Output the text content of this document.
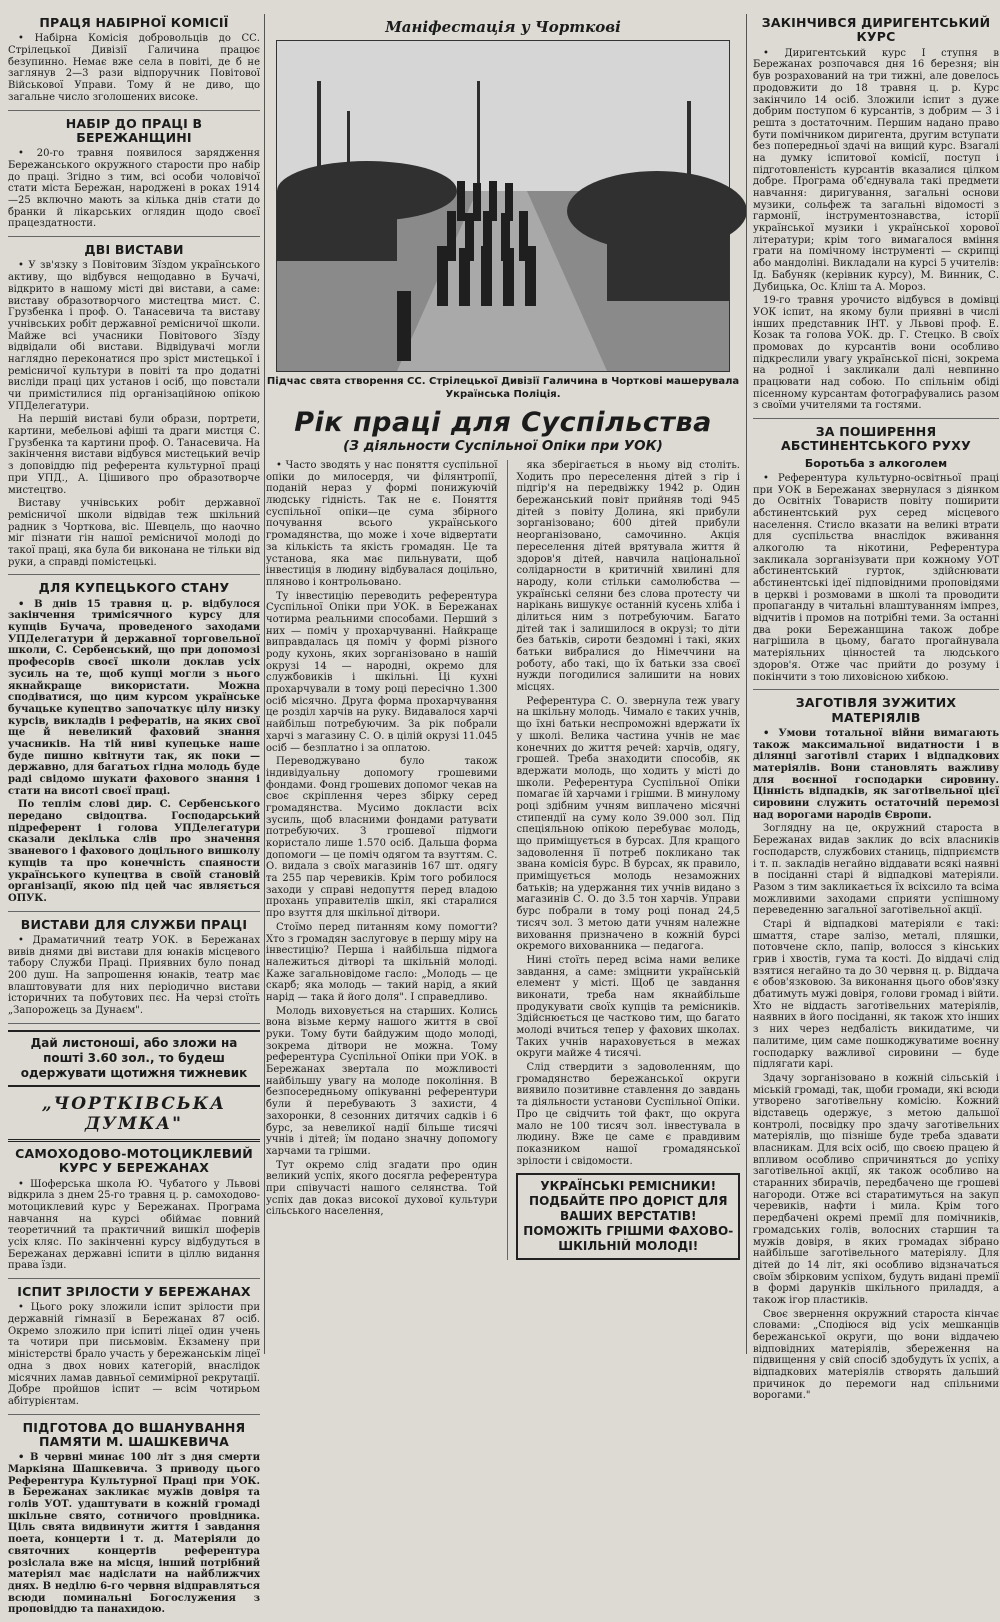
ПРАЦЯ НАБІРНОЇ КОМІСІЇ

• Набірна Комісія добровольців до СС. Стрілецької Дивізії Галичина працює безупинно. Немає вже села в повіті, де б не заглянув 2—3 рази відпоручник Повітової Військової Управи. Тому й не диво, що загальне число зголошених високе.

НАБІР ДО ПРАЦІ В БЕРЕЖАНЩИНІ

• 20-го травня появилося зарядження Бережанського окружного старости про набір до праці. Згідно з тим, всі особи чоловічої стати міста Бережан, народжені в роках 1914—25 включно мають за кілька днів стати до бранки й лікарських оглядин щодо своєї працездатности.

ДВІ ВИСТАВИ

• У зв'язку з Повітовим Зїздом українського активу, що відбувся нещодавно в Бучачі, відкрито в нашому місті дві вистави, а саме: виставу образотворчого мистецтва мист. С. Грузбенка і проф. О. Танасевича та виставу учнівських робіт державної ремісничої школи. Майже всі учасники Повітового Зїзду відвідали обі вистави. Відвідувачі могли наглядно переконатися про зріст мистецької і ремісничої культури в повіті та про додатні висліди праці цих установ і осіб, що повстали чи примістилися під організаційною опікою УПДелегатури.

На першій виставі були образи, портрети, картини, мебельові афіші та драги мистця С. Грузбенка та картини проф. О. Танасевича. На закінчення вистави відбувся мистецький вечір з доповіддю під референта культурної праці при УПД., А. Цішивого про образотворче мистецтво.

Виставу учнівських робіт державної ремісничої школи відвідав теж шкільний радник з Чорткова, віс. Шевцель, що наочно міг пізнати гін нашої ремісничої молоді до такої праці, яка була би виконана не тільки від руки, а справді помістецькі.

ДЛЯ КУПЕЦЬКОГО СТАНУ

• В днів 15 травня ц. р. відбулося закінчення тримісячного курсу для купців Бучача, проведеного заходами УПДелегатури й державної торговельної школи, С. Сербенський, що при допомозі професорів своєї школи доклав усіх зусиль на те, щоб купці могли з нього якнайкраще використати. Можна сподіватися, що цим курсом українське бучацьке купецтво започаткує цілу низку курсів, викладів і рефератів, на яких свої ще й невеликий фаховий знання учасників. На тій ниві купецьке наше буде пишно квітнути так, як поки — державно, для багатьох гідна молодь буде раді свідомо шукати фахового знання і стати на висоті своєї праці.

По теплім слові дир. С. Сербенського передано свідоцтва. Господарський підреферент і голова УПДелегатури сказали декілька слів про значення званевого і фахового доцільного вишколу купців та про конечність спаяности українського купецтва в своїй становій організації, якою під цей час являється ОПУК.

ВИСТАВИ ДЛЯ СЛУЖБИ ПРАЦІ

• Драматичний театр УОК. в Бережанах вивів днями дві вистави для юнаків місцевого табору Служби Праці. Приявних було понад 200 душ. На запрошення юнаків, театр має влаштовувати для них періодично вистави історичних та побутових пєс. На черзі стоїть „Запорожець за Дунаєм".

Дай листоноші, або зложи на пошті 3.60 зол., то будеш одержувати щотижня тижневик
„ЧОРТКІВСЬКА ДУМКА"
САМОХОДОВО-МОТОЦИКЛЕВИЙ КУРС У БЕРЕЖАНАХ

• Шоферська школа Ю. Чубатого у Львові відкрила з днем 25-го травня ц. р. самоходово-мотоциклевий курс у Бережанах. Програма навчання на курсі обіймає повний теоретичний та практичний вишкіл шоферів усіх кляс. По закінченні курсу відбудуться в Бережанах державні іспити в ціллю видання права їзди.

ІСПИТ ЗРІЛОСТИ У БЕРЕЖАНАХ

• Цього року зложили іспит зрілости при державній гімназії в Бережанах 87 осіб. Окремо зложило при іспиті ліцеї один учень та чотири при письмовім. Екзамену при міністерстві брало участь у бережанськім ліцеї одна з двох нових категорій, внаслідок місячних ламав давньої семимірної рекрутації. Добре пройшов іспит — всім чотирьом абітурієнтам.

ПІДГОТОВА ДО ВШАНУВАННЯ ПАМЯТИ М. ШАШКЕВИЧА

• В червні минає 100 літ з дня смерти Маркіяна Шашкевича. З приводу цього Референтура Культурної Праці при УОК. в Бережанах закликає мужів довіря та голів УОТ. удаштувати в кожній громаді шкільне свято, сотничого провідника. Ціль свята видвинути життя і завдання поета, концерти і т. д. Матеріяли до святочних концертів референтура розіслала вже на місця, інший потрібний матеріял має надіслати на найближчих днях. В неділю 6-го червня відправляться всюди поминальні Богослужения з проповіддю та панахидою.

Маніфестація у Чорткові
Підчас свята створення СС. Стрілецької Дивізії Галичина в Чорткові машерувала Українська Поліція.
Рік праці для Суспільства
(З діяльности Суспільної Опіки при УОК)

• Часто зводять у нас поняття суспільної опіки до милосердя, чи філянтропії, поданій нераз у формі понижуючій людську гідність. Так не є. Поняття суспільної опіки—це сума збірного почування всього українського громадянства, що може і хоче відвертати за кількість та якість громадян. Це та установа, яка має пильнувати, щоб інвестиція в людину відбувалася доцільно, пляново і контрольовано.

Ту інвестицію переводить референтура Суспільної Опіки при УОК. в Бережанах чотирма реальними способами. Перший з них — поміч у прохарчуванні. Найкраще виправдалась ця поміч у формі різного роду кухонь, яких зорганізовано в нашій окрузі 14 — народні, окремо для службовиків і шкільні. Ці кухні прохарчували в тому році пересічно 1.300 осіб місячно. Друга форма прохарчування це розділ харчів на руку. Видавалося харчі найбільш потребуючим. За рік побрали харчі з магазину С. О. в цілій окрузі 11.045 осіб — безплатно і за оплатою.

Переводжувано було також індивідуальну допомогу грошевими фондами. Фонд грошевих допомог чекав на своє скріплення через збірку серед громадянства. Мусимо докласти всіх зусиль, щоб власними фондами ратувати потребуючих. З грошевої підмоги користало лише 1.570 осіб. Дальша форма допомоги — це поміч одягом та взуттям. С. О. видала з своїх магазинів 167 шт. одягу та 255 пар черевиків. Крім того робилося заходи у справі недопуття перед владою прохань управителів шкіл, які старалися про взуття для шкільної дітвори.

Стоїмо перед питанням кому помогти? Хто з громадян заслуговує в першу міру на інвестицію? Перша і найбільша підмога належиться дітворі та шкільній молоді. Каже загальновідоме гасло: „Молодь — це скарб; яка молодь — такий нарід, а який нарід — така й його доля". І справедливо.

Молодь виховується на старших. Колись вона візьме керму нашого життя в свої руки. Тому бути байдужим щодо молоді, зокрема дітвори не можна. Тому референтура Суспільної Опіки при УОК. в Бережанах звертала по можливості найбільшу увагу на молоде покоління. В безпосередньому опікуванні референтури були й перебувають 3 захисти, 4 захоронки, 8 сезонних дитячих садків і 6 бурс, за невеликої надії більше тисячі учнів і дітей; їм подано значну допомогу харчами та грішми.

Тут окремо слід згадати про один великий успіх, якого досягла референтура при співучасті нашого селянства. Той успіх дав доказ високої духової культури сільського населення,

яка зберігається в ньому від століть. Ходить про переселення дітей з гір і підгір'я на передвіжку 1942 р. Один бережанський повіт прийняв тоді 945 дітей з повіту Долина, які прибули зорганізовано; 600 дітей прибули неорганізовано, самочинно. Акція переселення дітей врятувала життя й здоров'я дітей, навчила національної солідарности в критичній хвилині для народу, коли стільки самолюбства — українські селяни без слова протесту чи нарікань вишукує останній кусень хліба і ділиться ним з потребуючим. Багато дітей так і залишилося в окрузі; то діти без батьків, сироти бездомні і такі, яких батьки вибралися до Німеччини на роботу, або такі, що їх батьки зза своєї нужди погодилися залишити на нових місцях.

Референтура С. О. звернула теж увагу на шкільну молодь. Чимало є таких учнів, що їхні батьки неспроможні вдержати їх у школі. Велика частина учнів не має конечних до життя речей: харчів, одягу, грошей. Треба знаходити способів, як вдержати молодь, що ходить у місті до школи. Референтура Суспільної Опіки помагає їй харчами і грішми. В минулому році здібним учням виплачено місячні стипендії на суму коло 39.000 зол. Під спеціяльною опікою перебуває молодь, що приміщується в бурсах. Для кращого задоволення її потреб покликано так звана комісія бурс. В бурсах, як правило, приміщується молодь незаможних батьків; на удержання тих учнів видано з магазинів С. О. до 3.5 тон харчів. Управи бурс побрали в тому році понад 24,5 тисяч зол. З метою дати учням належне виховання призначено в кожній бурсі окремого вихованника — педагога.

Нині стоїть перед всіма нами велике завдання, а саме: зміцнити українській елемент у місті. Щоб це завдання виконати, треба нам якнайбільше продукувати своїх купців та ремісників. Здійснюється це частково тим, що багато молоді вчиться тепер у фахових школах. Таких учнів нараховується в межах округи майже 4 тисячі.

Слід ствердити з задоволенням, що громадянство бережанської округи виявило позитивне ставлення до завдань та діяльности установи Суспільної Опіки. Про це свідчить той факт, що округа мало не 100 тисяч зол. інвестувала в людину. Вже це саме є правдивим показником нашої громадянської зрілости і свідомости.

УКРАЇНСЬКІ РЕМІСНИКИ! ПОДБАЙТЕ ПРО ДОРІСТ ДЛЯ ВАШИХ ВЕРСТАТІВ! ПОМОЖІТЬ ГРІШМИ ФАХОВО-ШКІЛЬНІЙ МОЛОДІ!
ЗАКІНЧИВСЯ ДИРИГЕНТСЬКИЙ КУРС

• Диригентський курс І ступня в Бережанах розпочався дня 16 березня; він був розрахований на три тижні, але довелось продовжити до 18 травня ц. р. Курс закінчило 14 осіб. Зложили іспит з дуже добрим поступом 6 курсантів, з добрим — 3 і решта з достаточним. Першим надано право бути помічником диригента, другим вступати без попередньої здачі на вищий курс. Взагалі на думку іспитової комісії, поступ і підготовленість курсантів вказалися цілком добре. Програма об'єднувала такі предмети навчання: диригування, загальні основи музики, сольфеж та загальні відомості з гармонії, інструментознавства, історії української музики і української хорової літератури; крім того вимагалося вміння грати на помічному інструменті — скрипці або мандоліні. Викладали на курсі 5 учителів: Ід. Бабуняк (керівник курсу), М. Винник, С. Дубицька, Ос. Кліш та А. Мороз.

19-го травня урочисто відбувся в домівці УОК іспит, на якому були приявні в числі інших представник ІНТ. у Львові проф. Е. Козак та голова УОК. др. Г. Стецко. В своїх промовах до курсантів вони особливо підкреслили увагу української пісні, зокрема на родної і закликали далі невпинно працювати над собою. По спільнім обіді пісенному курсантам фотографувались разом з своїми учителями та гостями.

ЗА ПОШИРЕННЯ АБСТИНЕНТСЬКОГО РУХУ
Боротьба з алкоголем

• Референтура культурно-освітньої праці при УОК в Бережанах звернулася з діянком до Освітніх Товариств повіту поширити абстинентський рух серед місцевого населення. Стисло вказати на великі втрати для суспільства внаслідок вживання алкоголю та нікотини, Референтура закликала зорганізувати при кожному УОТ абстинентський гурток, здійснювати абстинентські ідеї підповідними проповідями в церкві і розмовами в школі та проводити пропаганду в читальні влаштуванням імпрез, відчитів і промов на потрібні теми. За останні два роки Бережанщина також добре нагрішила в цьому, багато прогайнувала матеріяльних цінностей та людського здоров'я. Отже час прийти до розуму і покінчити з тою лиховісною хибкою.

ЗАГОТІВЛЯ ЗУЖИТИХ МАТЕРІЯЛІВ

• Умови тотальної війни вимагають також максимальної видатности і в ділянці заготівлі старих і відпадкових матеріялів. Вони становлять важливу для воєнної господарки сировину. Цінність відпадків, як заготівельної цієї сировини служить остаточній перемозі над ворогами народів Європи.

Зоглядну на це, окружний староста в Бережанах видав заклик до всіх власників господарств, службових станиць, підприємств і т. п. закладів негайно віддавати всякі наявні в посіданні старі й відпадкові матеріяли. Разом з тим закликається їх всіхсило та всіма можливими заходами сприяти успішному переведенню загальної заготівельної акції.

Старі й відпадкові матеріяли є такі: шмаття, старе залізо, металі, пляшки, потовчене скло, папір, волосся з кінських грив і хвостів, гума та кості. До віддачі слід взятися негайно та до 30 червня ц. р. Віддача є обов'язковою. За виконання цього обов'язку дбатимуть мужі довіря, голови громад і війти. Хто не віддасть заготівельних матеріялів, наявних в його посіданні, як також хто інших з них через недбалість викидатиме, чи палитиме, цим саме пошкоджуватиме воєнну господарку важливої сировини — буде підлягати карі.

Здачу зорганізовано в кожній сільській і міській громаді, так, щоби громади, які всюди утворено заготівельну комісію. Кожний відставець одержує, з метою дальшої контролі, посвідку про здачу заготівельних матеріялів, що пізніше буде треба здавати власникам. Для всіх осіб, що своєю працею й впливом особливо спричиняться до успіху заготівельної акції, як також особливо на старанних збирачів, передбачено ще грошеві нагороди. Отже всі старатимуться на закуп черевиків, нафти і мила. Крім того передбачені окремі премії для помічників, громадських голів, волосних старшин та мужів довіря, в яких громадах зібрано найбільше заготівельного матеріялу. Для дітей до 14 літ, які особливо відзначаться своїм збірковим успіхом, будуть видані премії в формі дарунків шкільного приладдя, а також ігор пластиків.

Своє звернення окружний староста кінчає словами: „Сподіюся від усіх мешканців бережанської округи, що вони віддачею відповідних матеріялів, збереження на підвищення у свій спосіб здобудуть їх успіх, а відпадкових матеріялів створять дальший причинок до перемоги над спільними ворогами."
